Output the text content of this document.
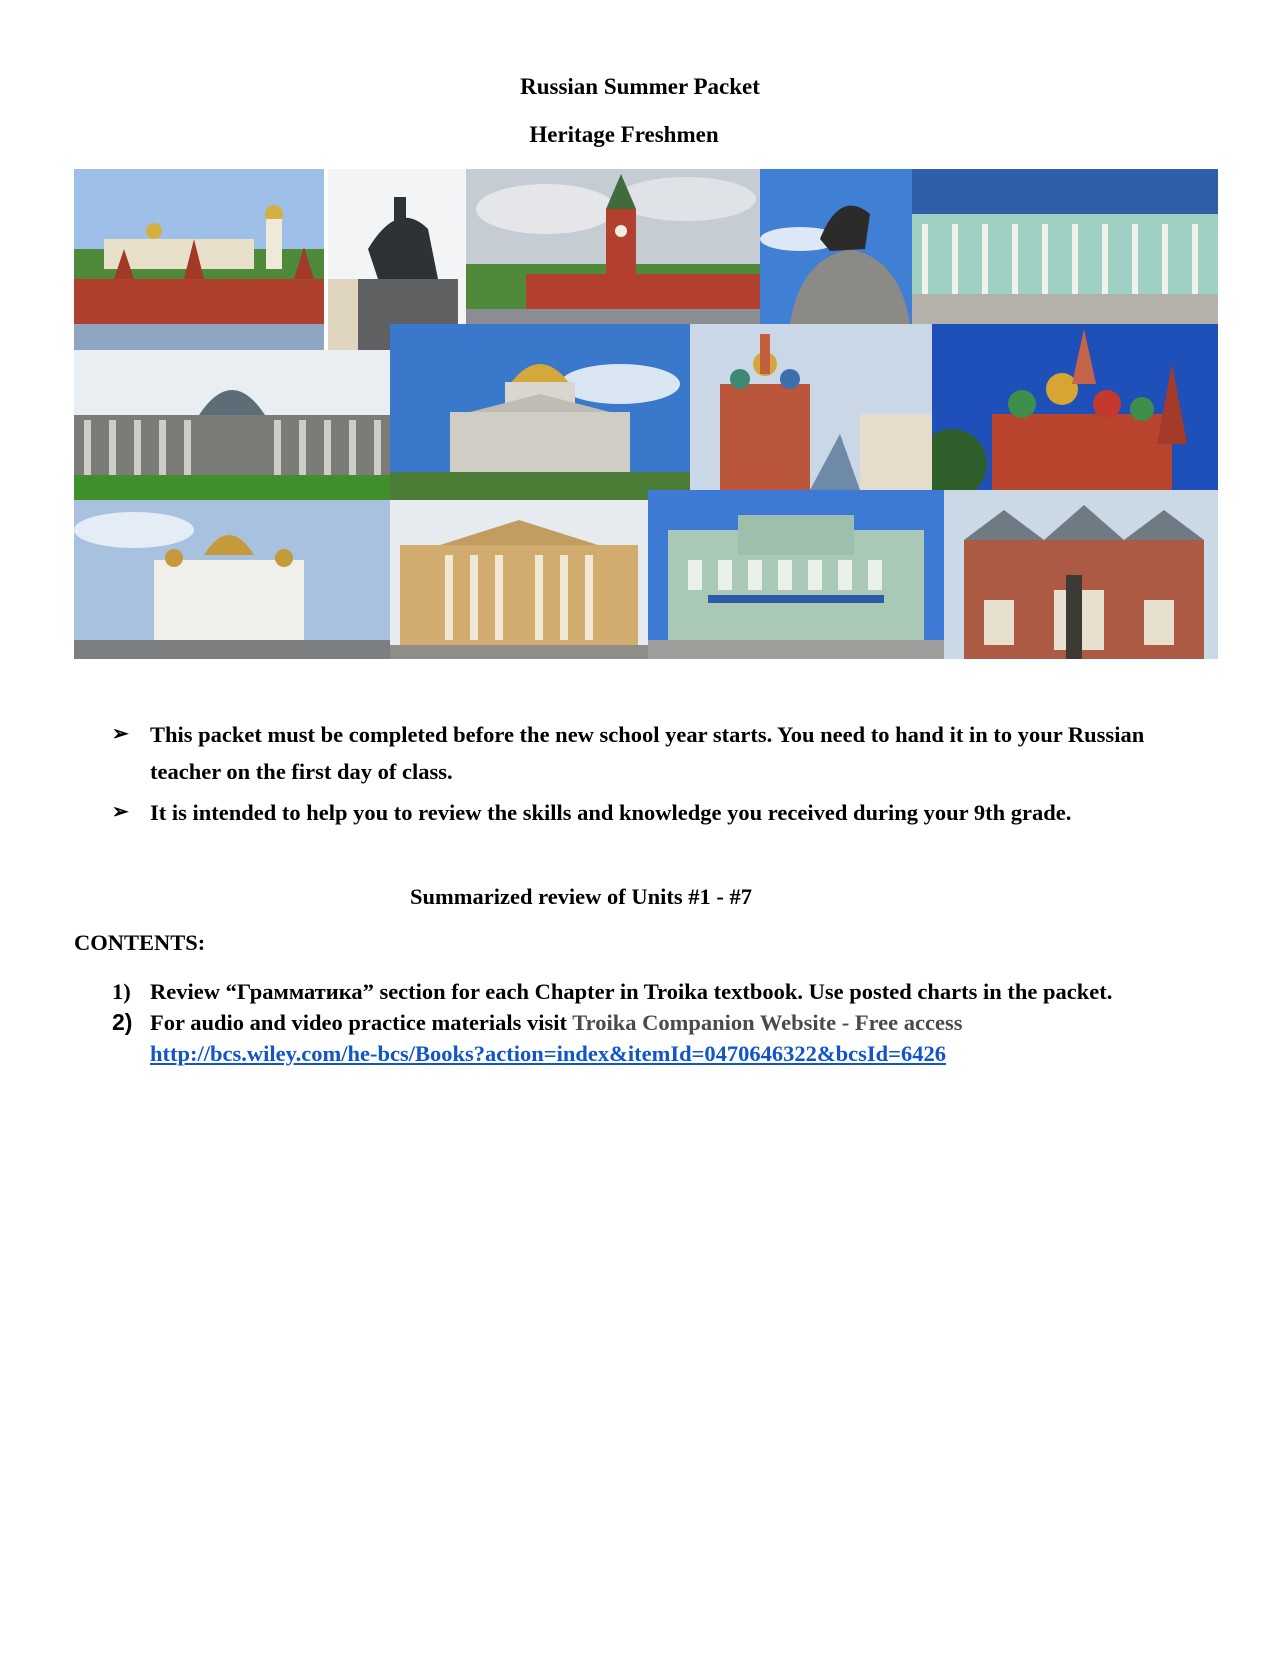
Russian Summer Packet
Heritage Freshmen
➢ This packet must be completed before the new school year starts. You need to hand it in to your Russian teacher on the first day of class.
➢ It is intended to help you to review the skills and knowledge you received during your 9th grade.
Summarized review of Units #1 - #7
CONTENTS:
1) Review “Грамматика” section for each Chapter in Troika textbook. Use posted charts in the packet.
2) For audio and video practice materials visit Troika Companion Website - Free access
http://bcs.wiley.com/he-bcs/Books?action=index&itemId=0470646322&bcsId=6426
